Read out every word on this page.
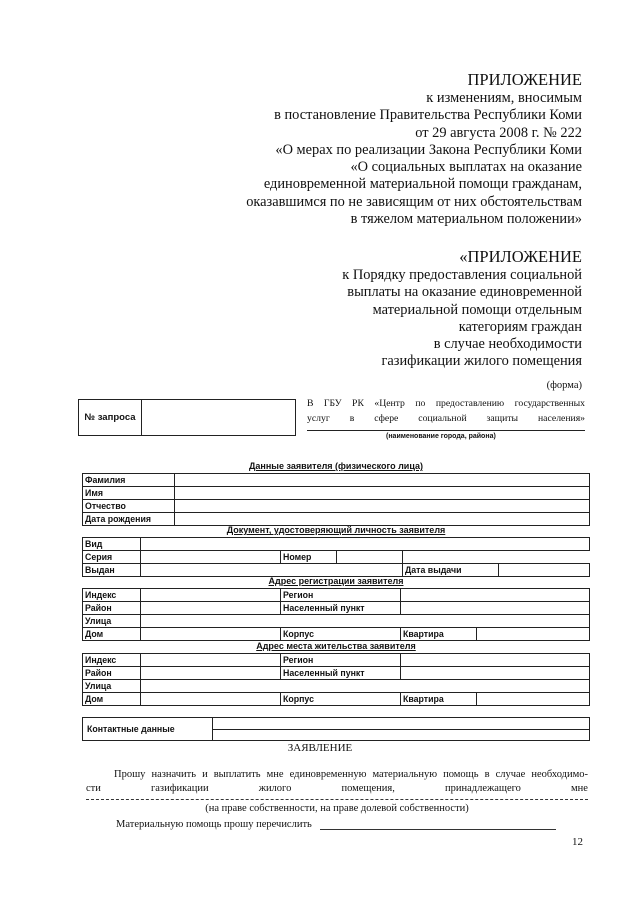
ПРИЛОЖЕНИЕ
к изменениям, вносимым
в постановление Правительства Республики Коми
от 29 августа 2008 г. № 222
«О мерах по реализации Закона Республики Коми
«О социальных выплатах на оказание
единовременной материальной помощи гражданам,
оказавшимся по не зависящим от них обстоятельствам
в тяжелом материальном положении»
«ПРИЛОЖЕНИЕ
к Порядку предоставления социальной
выплаты на оказание единовременной
материальной помощи отдельным
категориям граждан
в случае необходимости
газификации жилого помещения
(форма)
№ запроса
В ГБУ РК «Центр по предоставлению государственных
услуг в сфере социальной защиты населения»
(наименование города, района)
Данные заявителя (физического лица)
Фамилия	
Имя	
Отчество	
Дата рождения	
Документ, удостоверяющий личность заявителя
Вид					
Серия		Номер			
Выдан				Дата выдачи	
Адрес регистрации заявителя
Индекс		Регион		
Район		Населенный пункт		
Улица				
Дом		Корпус	Квартира	
Адрес места жительства заявителя
Индекс		Регион		
Район		Населенный пункт		
Улица				
Дом		Корпус	Квартира	
Контактные данные
ЗАЯВЛЕНИЕ
Прошу назначить и выплатить мне единовременную материальную помощь в случае необходимо-
сти	газификации	жилого	помещения,	принадлежащего	мне
(на праве собственности, на праве долевой собственности)
Материальную помощь прошу перечислить
12
